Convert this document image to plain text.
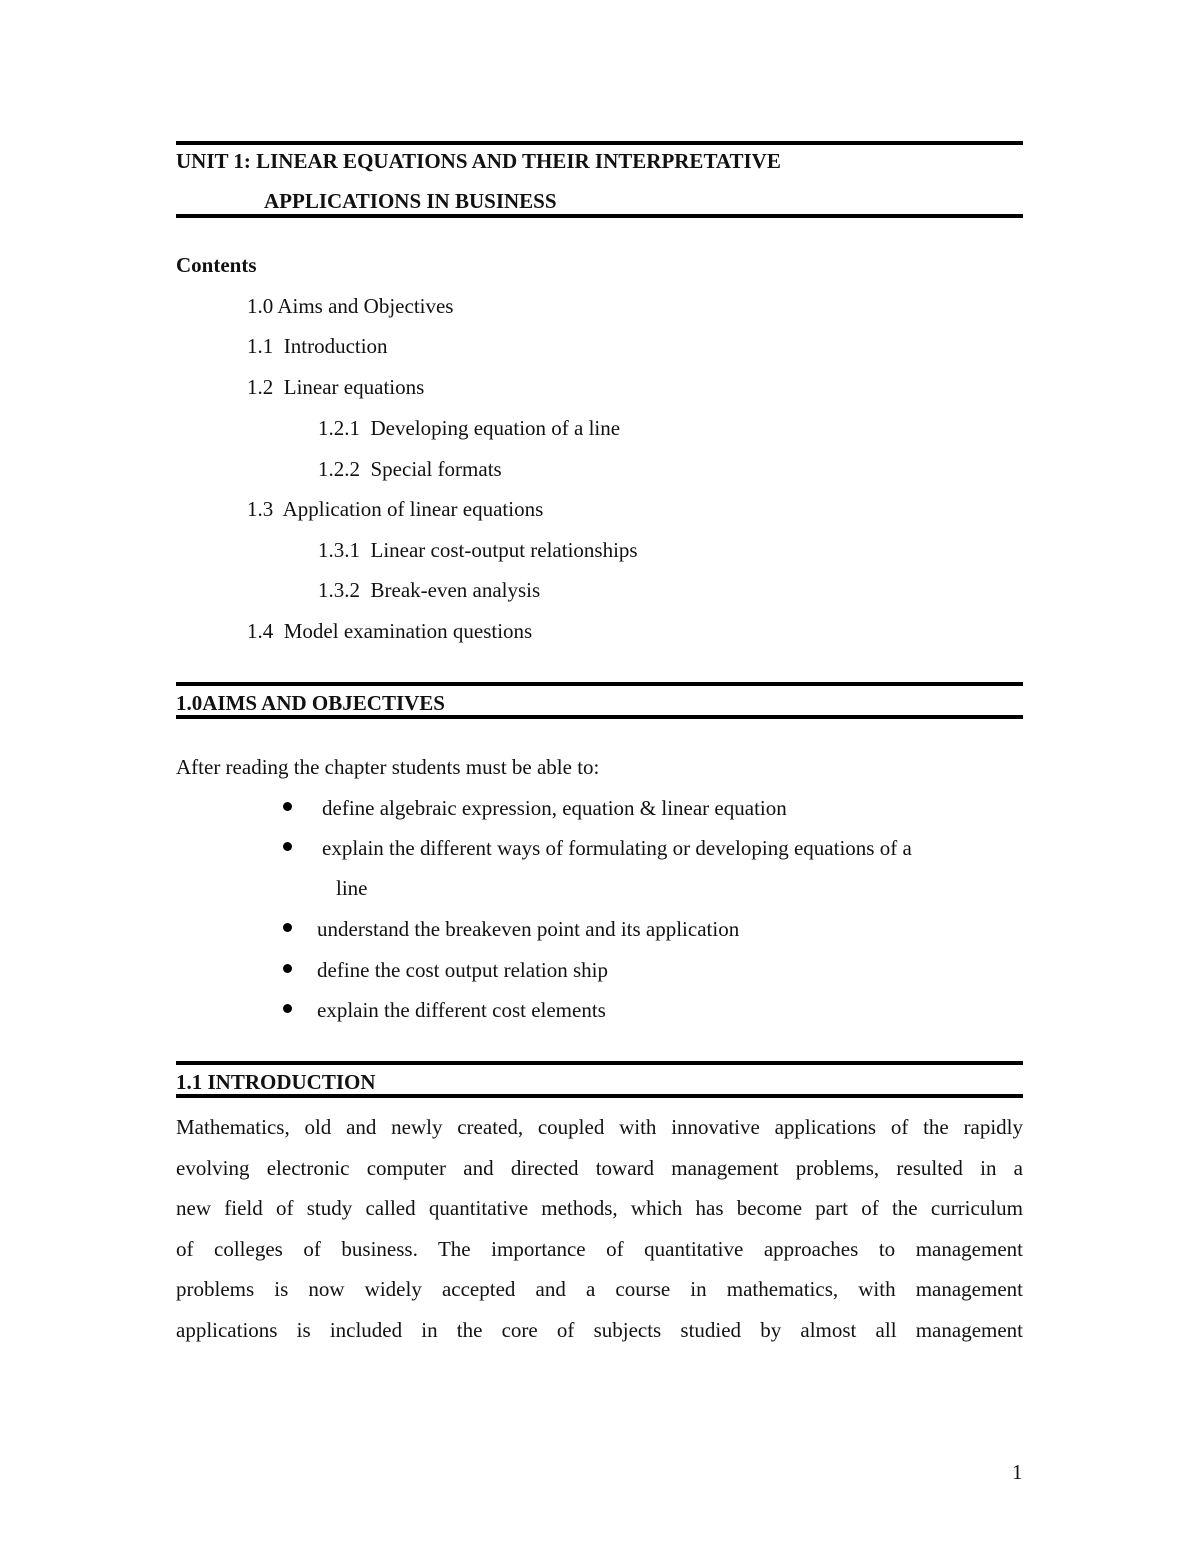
UNIT 1: LINEAR EQUATIONS AND THEIR INTERPRETATIVE
APPLICATIONS IN BUSINESS
Contents
1.0 Aims and Objectives
1.1 Introduction
1.2 Linear equations
1.2.1 Developing equation of a line
1.2.2 Special formats
1.3 Application of linear equations
1.3.1 Linear cost-output relationships
1.3.2 Break-even analysis
1.4 Model examination questions
1.0AIMS AND OBJECTIVES
After reading the chapter students must be able to:
define algebraic expression, equation & linear equation
explain the different ways of formulating or developing equations of a
line
understand the breakeven point and its application
define the cost output relation ship
explain the different cost elements
1.1 INTRODUCTION
Mathematics, old and newly created, coupled with innovative applications of the rapidly
evolving electronic computer and directed toward management problems, resulted in a
new field of study called quantitative methods, which has become part of the curriculum
of colleges of business. The importance of quantitative approaches to management
problems is now widely accepted and a course in mathematics, with management
applications is included in the core of subjects studied by almost all management
1
